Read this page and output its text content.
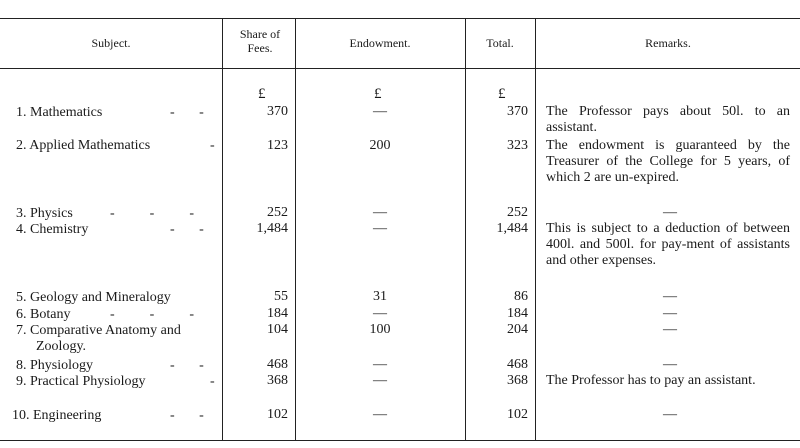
Subject.
Share of Fees.	Endowment.	Total.	Remarks.
£	£	£
1. Mathematics	-       -	370	—	370 The Professor pays about 50l. to an assistant.
2. Applied Mathematics	-	123	200	323 The endowment is guaranteed by the Treasurer of the College for 5 years, of which 2 are un-expired.
3. Physics	-          -          -	252	—	252	—
4. Chemistry	-       -	1,484	—	1,484 This is subject to a deduction of between 400l. and 500l. for pay-ment of assistants and other expenses.
5. Geology and Mineralogy	55	31	86	—
6. Botany	-          -          -	184	—	184	—
7. Comparative Anatomy and
Zoology.
104	100	204	—
8. Physiology	-       -	468	—	468	—
9. Practical Physiology	-	368	—	368 The Professor has to pay an assistant.
10. Engineering	-       -	102	—	102	—
